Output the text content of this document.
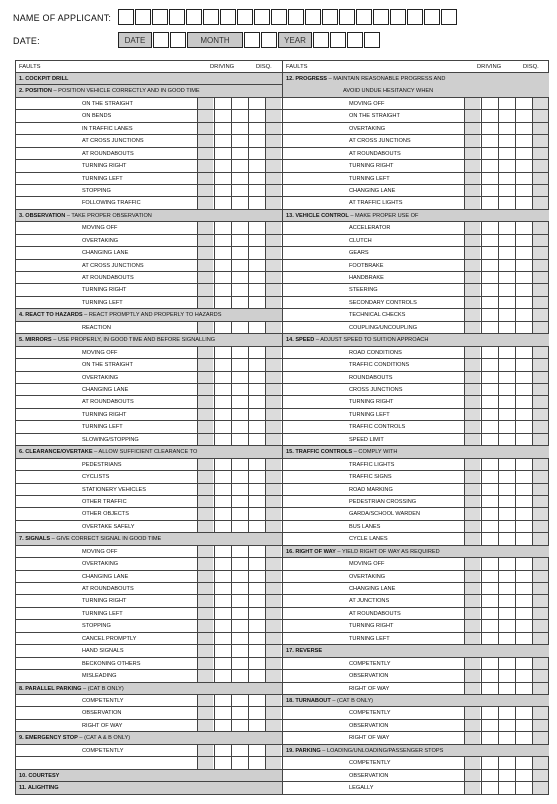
NAME OF APPLICANT:
DATE:	DATE	MONTH	YEAR
FAULTS	DRIVING	DISQ.
1. COCKPIT DRILL
2. POSITION – POSITION VEHICLE CORRECTLY AND IN GOOD TIME
ON THE STRAIGHT
ON BENDS
IN TRAFFIC LANES
AT CROSS JUNCTIONS
AT ROUNDABOUTS
TURNING RIGHT
TURNING LEFT
STOPPING
FOLLOWING TRAFFIC
3. OBSERVATION – TAKE PROPER OBSERVATION
MOVING OFF
OVERTAKING
CHANGING LANE
AT CROSS JUNCTIONS
AT ROUNDABOUTS
TURNING RIGHT
TURNING LEFT
4. REACT TO HAZARDS – REACT PROMPTLY AND PROPERLY TO HAZARDS
REACTION
5. MIRRORS – USE PROPERLY, IN GOOD TIME AND BEFORE SIGNALLING
MOVING OFF
ON THE STRAIGHT
OVERTAKING
CHANGING LANE
AT ROUNDABOUTS
TURNING RIGHT
TURNING LEFT
SLOWING/STOPPING
6. CLEARANCE/OVERTAKE – ALLOW SUFFICIENT CLEARANCE TO
PEDESTRIANS
CYCLISTS
STATIONERY VEHICLES
OTHER TRAFFIC
OTHER OBJECTS
OVERTAKE SAFELY
7. SIGNALS – GIVE CORRECT SIGNAL IN GOOD TIME
MOVING OFF
OVERTAKING
CHANGING LANE
AT ROUNDABOUTS
TURNING RIGHT
TURNING LEFT
STOPPING
CANCEL PROMPTLY
HAND SIGNALS
BECKONING OTHERS
MISLEADING
8. PARALLEL PARKING – (CAT B ONLY)
COMPETENTLY
OBSERVATION
RIGHT OF WAY
9. EMERGENCY STOP – (CAT A & B ONLY)
COMPETENTLY
10. COURTESY
11. ALIGHTING
FAULTS	DRIVING	DISQ.
12. PROGRESS – MAINTAIN REASONABLE PROGRESS AND
AVOID UNDUE HESITANCY WHEN
MOVING OFF
ON THE STRAIGHT
OVERTAKING
AT CROSS JUNCTIONS
AT ROUNDABOUTS
TURNING RIGHT
TURNING LEFT
CHANGING LANE
AT TRAFFIC LIGHTS
13. VEHICLE CONTROL – MAKE PROPER USE OF
ACCELERATOR
CLUTCH
GEARS
FOOTBRAKE
HANDBRAKE
STEERING
SECONDARY CONTROLS
TECHNICAL CHECKS
COUPLING/UNCOUPLING
14. SPEED – ADJUST SPEED TO SUIT/ON APPROACH
ROAD CONDITIONS
TRAFFIC CONDITIONS
ROUNDABOUTS
CROSS JUNCTIONS
TURNING RIGHT
TURNING LEFT
TRAFFIC CONTROLS
SPEED LIMIT
15. TRAFFIC CONTROLS – COMPLY WITH
TRAFFIC LIGHTS
TRAFFIC SIGNS
ROAD MARKING
PEDESTRIAN CROSSING
GARDA/SCHOOL WARDEN
BUS LANES
CYCLE LANES
16. RIGHT OF WAY – YIELD RIGHT OF WAY AS REQUIRED
MOVING OFF
OVERTAKING
CHANGING LANE
AT JUNCTIONS
AT ROUNDABOUTS
TURNING RIGHT
TURNING LEFT
17. REVERSE
COMPETENTLY
OBSERVATION
RIGHT OF WAY
18. TURNABOUT – (CAT B ONLY)
COMPETENTLY
OBSERVATION
RIGHT OF WAY
19. PARKING – LOADING/UNLOADING/PASSENGER STOPS
COMPETENTLY
OBSERVATION
LEGALLY
